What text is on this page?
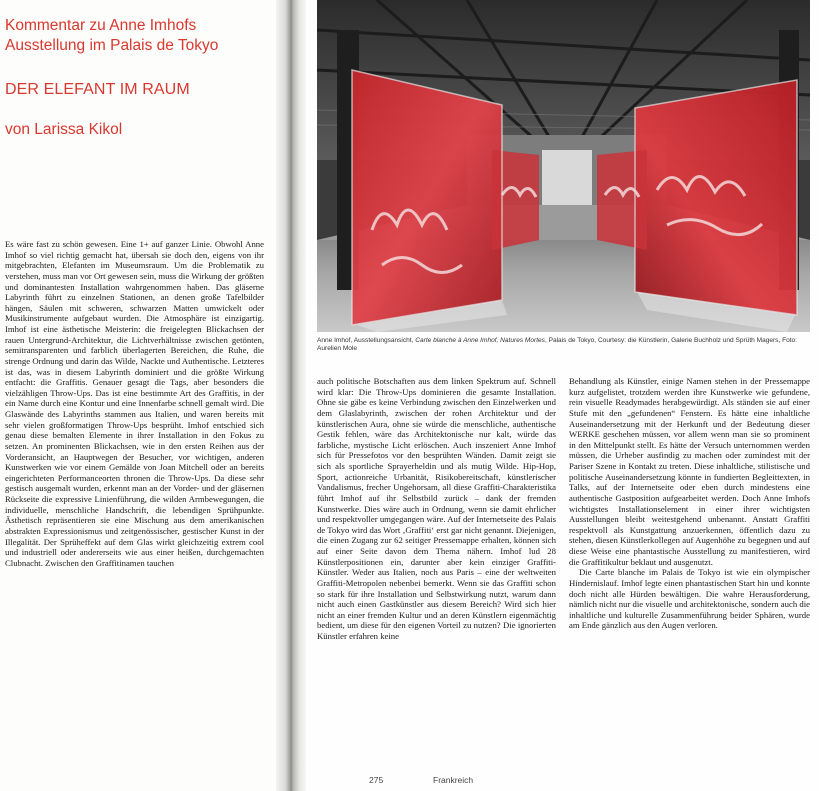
Kommentar zu Anne Imhofs
Ausstellung im Palais de Tokyo
DER ELEFANT IM RAUM
von Larissa Kikol

Es wäre fast zu schön gewesen. Eine 1+ auf ganzer Linie. Obwohl Anne Imhof so viel richtig gemacht hat, übersah sie doch den, eigens von ihr mitgebrachten, Elefanten im Museumsraum. Um die Problematik zu verstehen, muss man vor Ort gewesen sein, muss die Wirkung der größten und dominantesten Installation wahrgenommen haben. Das gläserne Labyrinth führt zu einzelnen Stationen, an denen große Tafelbilder hängen, Säulen mit schweren, schwarzen Matten umwickelt oder Musikinstrumente aufgebaut wurden. Die Atmosphäre ist einzigartig. Imhof ist eine ästhetische Meisterin: die freigelegten Blickachsen der rauen Untergrund-Architektur, die Lichtverhältnisse zwischen getönten, semitransparenten und farblich überlagerten Bereichen, die Ruhe, die strenge Ordnung und darin das Wilde, Nackte und Authentische. Letzteres ist das, was in diesem Labyrinth dominiert und die größte Wirkung entfacht: die Graffitis. Genauer gesagt die Tags, aber besonders die vielzähligen Throw-Ups. Das ist eine bestimmte Art des Graffitis, in der ein Name durch eine Kontur und eine Innenfarbe schnell gemalt wird. Die Glaswände des Labyrinths stammen aus Italien, und waren bereits mit sehr vielen großformatigen Throw-Ups besprüht. Imhof entschied sich genau diese bemalten Elemente in ihrer Installation in den Fokus zu setzen. An prominenten Blickachsen, wie in den ersten Reihen aus der Vorderansicht, an Hauptwegen der Besucher, vor wichtigen, anderen Kunstwerken wie vor einem Gemälde von Joan Mitchell oder an bereits eingerichteten Performanceorten thronen die Throw-Ups. Da diese sehr gestisch ausgemalt wurden, erkennt man an der Vorder- und der gläsernen Rückseite die expressive Linienführung, die wilden Armbewegungen, die individuelle, menschliche Handschrift, die lebendigen Sprühpunkte. Ästhetisch repräsentieren sie eine Mischung aus dem amerikanischen abstrakten Expressionismus und zeitgenössischer, gestischer Kunst in der Illegalität. Der Sprüheffekt auf dem Glas wirkt gleichzeitig extrem cool und industriell oder andererseits wie aus einer heißen, durchgemachten Clubnacht. Zwischen den Graffitinamen tauchen

Anne Imhof, Ausstellungsansicht, Carte blanche à Anne Imhof, Natures Mortes, Palais de Tokyo, Courtesy: die Künstlerin, Galerie Buchholz und Sprüth Magers, Foto: Aurelien Mole

auch politische Botschaften aus dem linken Spektrum auf. Schnell wird klar: Die Throw-Ups dominieren die gesamte Installation. Ohne sie gäbe es keine Verbindung zwischen den Einzelwerken und dem Glaslabyrinth, zwischen der rohen Architektur und der künstlerischen Aura, ohne sie würde die menschliche, authentische Gestik fehlen, wäre das Architektonische nur kalt, würde das farbliche, mystische Licht erlöschen. Auch inszeniert Anne Imhof sich für Pressefotos vor den besprühten Wänden. Damit zeigt sie sich als sportliche Sprayerheldin und als mutig Wilde. Hip-Hop, Sport, actionreiche Urbanität, Risikobereitschaft, künstlerischer Vandalismus, frecher Ungehorsam, all diese Graffiti-Charakteristika führt Imhof auf ihr Selbstbild zurück – dank der fremden Kunstwerke. Dies wäre auch in Ordnung, wenn sie damit ehrlicher und respektvoller umgegangen wäre. Auf der Internetseite des Palais de Tokyo wird das Wort ‚Graffiti‘ erst gar nicht genannt. Diejenigen, die einen Zugang zur 62 seitiger Pressemappe erhalten, können sich auf einer Seite davon dem Thema nähern. Imhof lud 28 Künstlerpositionen ein, darunter aber kein einziger Graffiti-Künstler. Weder aus Italien, noch aus Paris – eine der weltweiten Graffiti-Metropolen nebenbei bemerkt. Wenn sie das Graffiti schon so stark für ihre Installation und Selbstwirkung nutzt, warum dann nicht auch einen Gastkünstler aus diesem Bereich? Wird sich hier nicht an einer fremden Kultur und an deren Künstlern eigenmächtig bedient, um diese für den eigenen Vorteil zu nutzen? Die ignorierten Künstler erfahren keine

Behandlung als Künstler, einige Namen stehen in der Pressemappe kurz aufgelistet, trotzdem werden ihre Kunstwerke wie gefundene, rein visuelle Readymades herabgewürdigt. Als ständen sie auf einer Stufe mit den „gefundenen“ Fenstern. Es hätte eine inhaltliche Auseinandersetzung mit der Herkunft und der Bedeutung dieser WERKE geschehen müssen, vor allem wenn man sie so prominent in den Mittelpunkt stellt. Es hätte der Versuch unternommen werden müssen, die Urheber ausfindig zu machen oder zumindest mit der Pariser Szene in Kontakt zu treten. Diese inhaltliche, stilistische und politische Auseinandersetzung könnte in fundierten Begleittexten, in Talks, auf der Internetseite oder eben durch mindestens eine authentische Gastposition aufgearbeitet werden. Doch Anne Imhofs wichtigstes Installationselement in einer ihrer wichtigsten Ausstellungen bleibt weitestgehend unbenannt. Anstatt Graffiti respektvoll als Kunstgattung anzuerkennen, öffentlich dazu zu stehen, diesen Künstlerkollegen auf Augenhöhe zu begegnen und auf diese Weise eine phantastische Ausstellung zu manifestieren, wird die Graffitikultur beklaut und ausgenutzt.

Die Carte blanche im Palais de Tokyo ist wie ein olympischer Hindernislauf. Imhof legte einen phantastischen Start hin und konnte doch nicht alle Hürden bewältigen. Die wahre Herausforderung, nämlich nicht nur die visuelle und architektonische, sondern auch die inhaltliche und kulturelle Zusammenführung beider Sphären, wurde am Ende gänzlich aus den Augen verloren.

275	Frankreich
